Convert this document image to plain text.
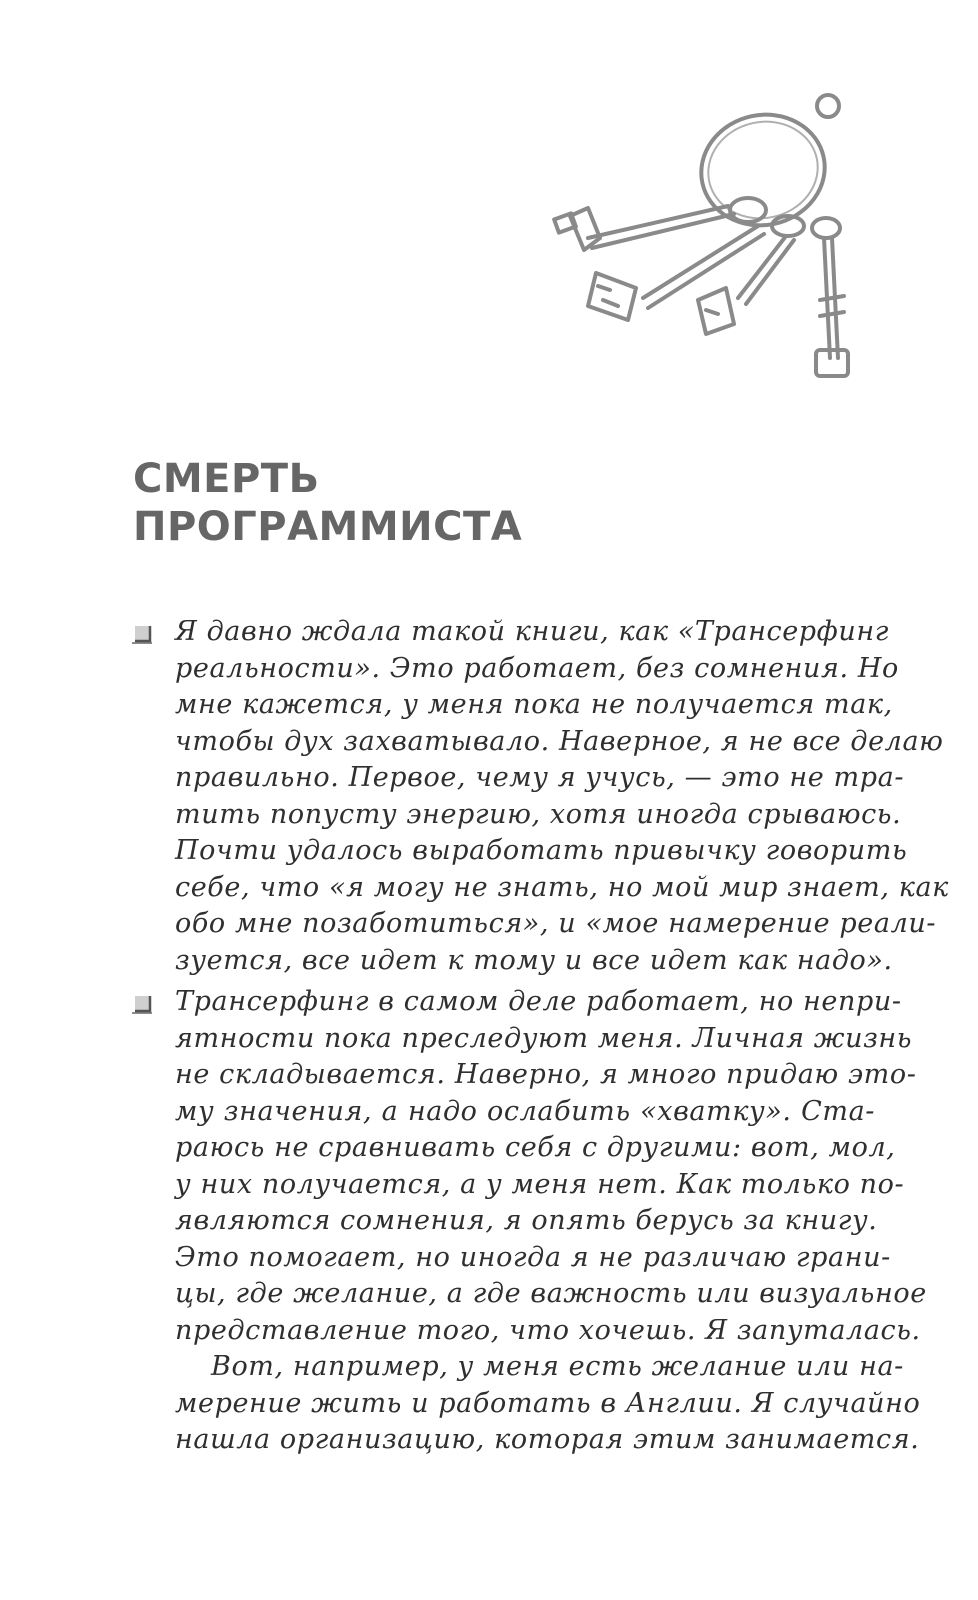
СМЕРТЬ
ПРОГРАММИСТА

Я давно ждала такой книги, как «Трансерфинг
реальности». Это работает, без сомнения. Но
мне кажется, у меня пока не получается так,
чтобы дух захватывало. Наверное, я не все делаю
правильно. Первое, чему я учусь, — это не тра-
тить попусту энергию, хотя иногда срываюсь.
Почти удалось выработать привычку говорить
себе, что «я могу не знать, но мой мир знает, как
обо мне позаботиться», и «мое намерение реали-
зуется, все идет к тому и все идет как надо».

Трансерфинг в самом деле работает, но непри-
ятности пока преследуют меня. Личная жизнь
не складывается. Наверно, я много придаю это-
му значения, а надо ослабить «хватку». Ста-
раюсь не сравнивать себя с другими: вот, мол,
у них получается, а у меня нет. Как только по-
являются сомнения, я опять берусь за книгу.
Это помогает, но иногда я не различаю грани-
цы, где желание, а где важность или визуальное
представление того, что хочешь. Я запуталась.
Вот, например, у меня есть желание или на-
мерение жить и работать в Англии. Я случайно
нашла организацию, которая этим занимается.
